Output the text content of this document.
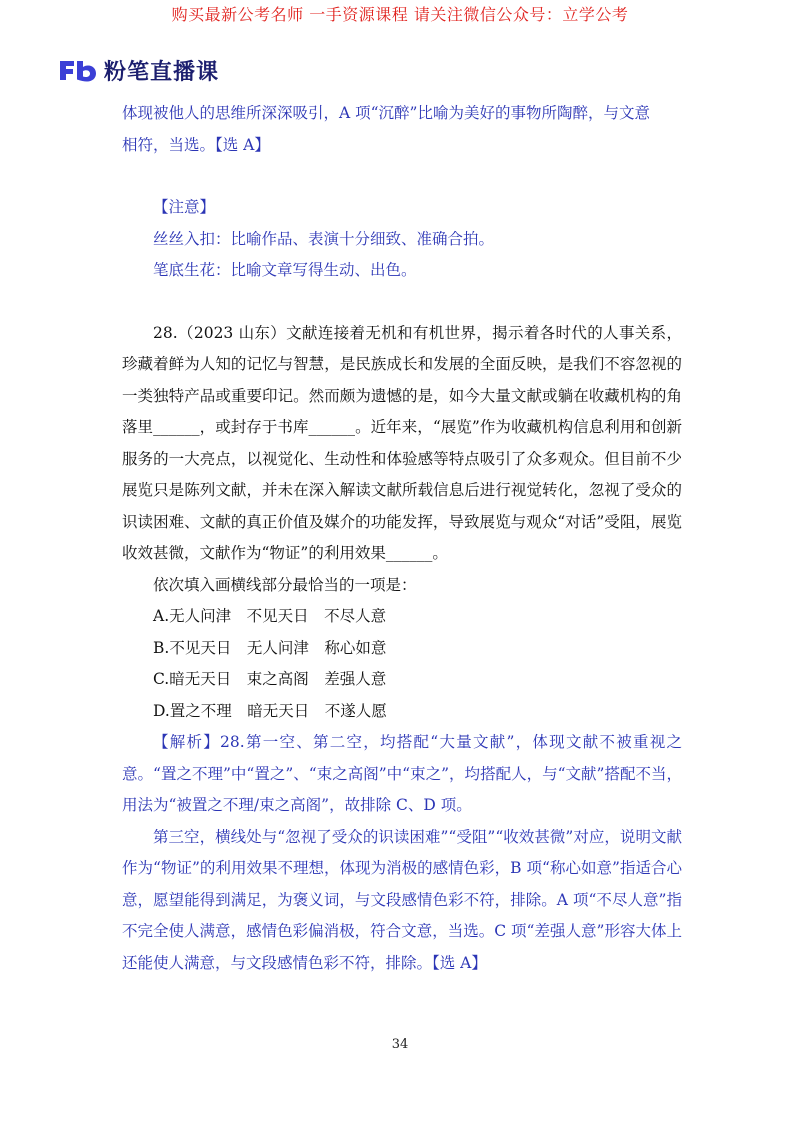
购买最新公考名师 一手资源课程 请关注微信公众号：立学公考
粉笔直播课

体现被他人的思维所深深吸引，A 项“沉醉”比喻为美好的事物所陶醉，与文意

相符，当选。【选 A】

【注意】

丝丝入扣：比喻作品、表演十分细致、准确合拍。

笔底生花：比喻文章写得生动、出色。

28.（2023 山东）文献连接着无机和有机世界，揭示着各时代的人事关系，珍藏着鲜为人知的记忆与智慧，是民族成长和发展的全面反映，是我们不容忽视的一类独特产品或重要印记。然而颇为遗憾的是，如今大量文献或躺在收藏机构的角落里______，或封存于书库______。近年来，“展览”作为收藏机构信息利用和创新服务的一大亮点，以视觉化、生动性和体验感等特点吸引了众多观众。但目前不少展览只是陈列文献，并未在深入解读文献所载信息后进行视觉转化，忽视了受众的识读困难、文献的真正价值及媒介的功能发挥，导致展览与观众“对话”受阻，展览收效甚微，文献作为“物证”的利用效果______。

依次填入画横线部分最恰当的一项是：

A.无人问津　不见天日　不尽人意

B.不见天日　无人问津　称心如意

C.暗无天日　束之高阁　差强人意

D.置之不理　暗无天日　不遂人愿

【解析】28.第一空、第二空，均搭配“大量文献”，体现文献不被重视之意。“置之不理”中“置之”、“束之高阁”中“束之”，均搭配人，与“文献”搭配不当，用法为“被置之不理/束之高阁”，故排除 C、D 项。

第三空，横线处与“忽视了受众的识读困难”“受阻”“收效甚微”对应，说明文献作为“物证”的利用效果不理想，体现为消极的感情色彩，B 项“称心如意”指适合心意，愿望能得到满足，为褒义词，与文段感情色彩不符，排除。A 项“不尽人意”指不完全使人满意，感情色彩偏消极，符合文意，当选。C 项“差强人意”形容大体上还能使人满意，与文段感情色彩不符，排除。【选 A】

34
